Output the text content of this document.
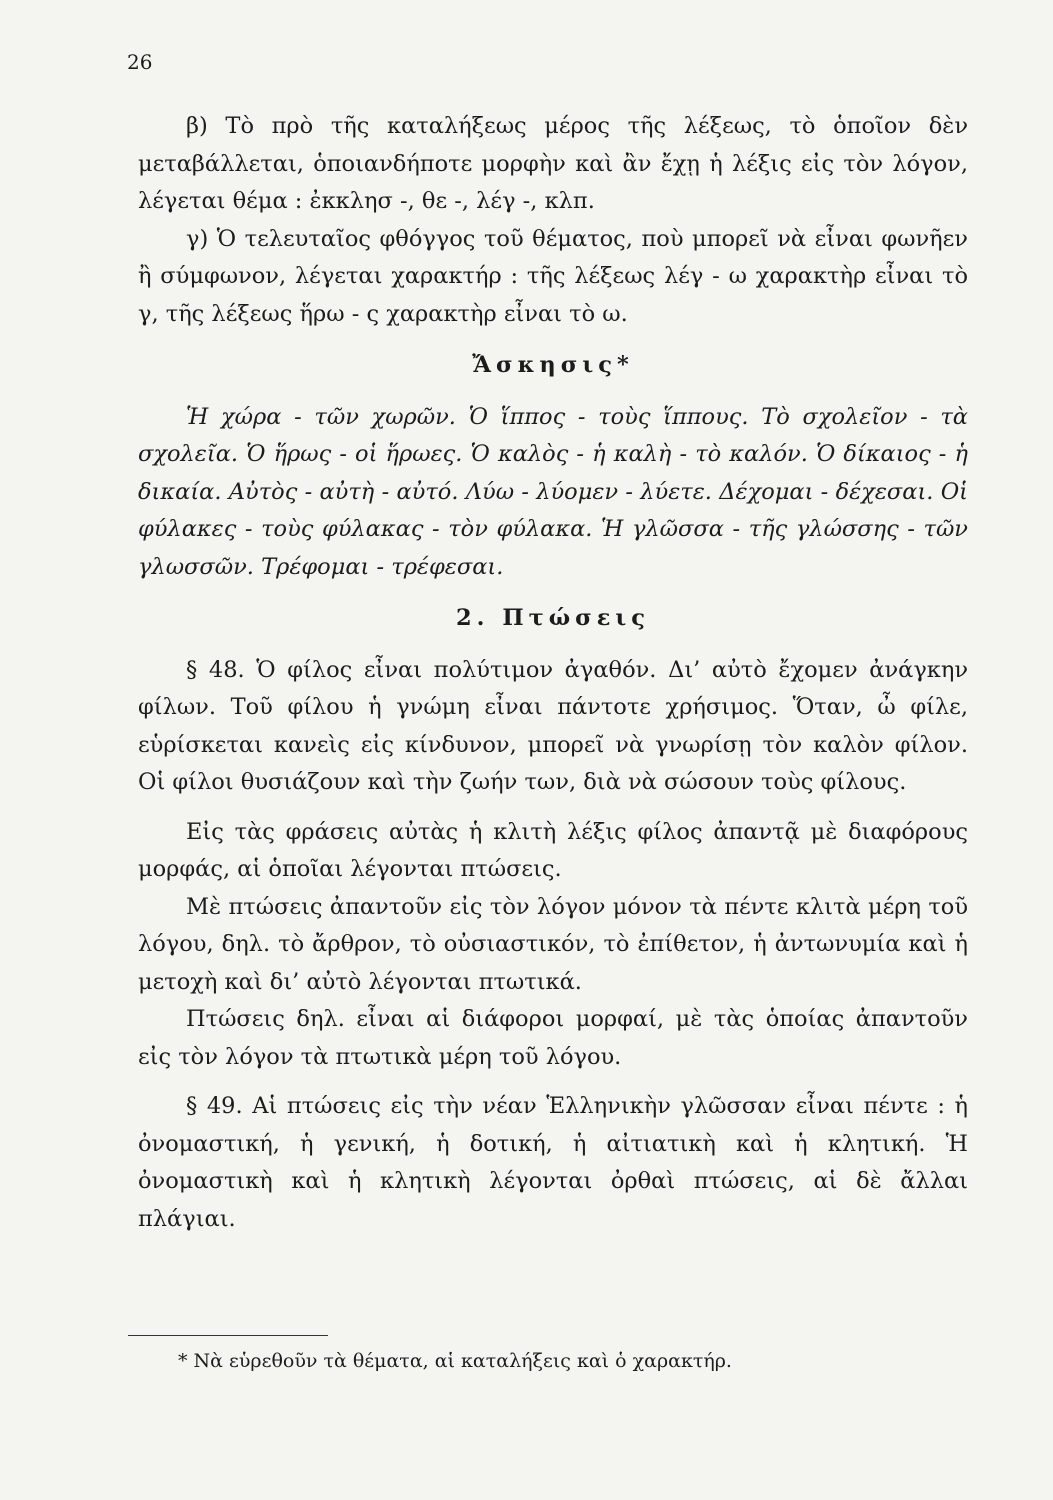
26

β) Τὸ πρὸ τῆς καταλήξεως μέρος τῆς λέξεως, τὸ ὁποῖον δὲν μεταβάλλεται, ὁποιανδήποτε μορφὴν καὶ ἂν ἔχῃ ἡ λέξις εἰς τὸν λόγον, λέγεται θέμα : ἐκκλησ -, θε -, λέγ -, κλπ.

γ) Ὁ τελευταῖος φθόγγος τοῦ θέματος, ποὺ μπορεῖ νὰ εἶναι φωνῆεν ἢ σύμφωνον, λέγεται χαρακτήρ : τῆς λέξεως λέγ - ω χαρακτὴρ εἶναι τὸ γ, τῆς λέξεως ἥρω - ς χαρακτὴρ εἶναι τὸ ω.

Ἄσκησις*

Ἡ χώρα - τῶν χωρῶν. Ὁ ἵππος - τοὺς ἵππους. Τὸ σχολεῖον - τὰ σχολεῖα. Ὁ ἥρως - οἱ ἥρωες. Ὁ καλὸς - ἡ καλὴ - τὸ καλόν. Ὁ δίκαιος - ἡ δικαία. Αὐτὸς - αὐτὴ - αὐτό. Λύω - λύομεν - λύετε. Δέχομαι - δέχεσαι. Οἱ φύλακες - τοὺς φύλακας - τὸν φύλακα. Ἡ γλῶσσα - τῆς γλώσσης - τῶν γλωσσῶν. Τρέφομαι - τρέφεσαι.

2. Πτώσεις

§ 48. Ὁ φίλος εἶναι πολύτιμον ἀγαθόν. Δι’ αὐτὸ ἔχομεν ἀνάγκην φίλων. Τοῦ φίλου ἡ γνώμη εἶναι πάντοτε χρήσιμος. Ὅταν, ὦ φίλε, εὑρίσκεται κανεὶς εἰς κίνδυνον, μπορεῖ νὰ γνωρίσῃ τὸν καλὸν φίλον. Οἱ φίλοι θυσιάζουν καὶ τὴν ζωήν των, διὰ νὰ σώσουν τοὺς φίλους.

Εἰς τὰς φράσεις αὐτὰς ἡ κλιτὴ λέξις φίλος ἀπαντᾷ μὲ διαφόρους μορφάς, αἱ ὁποῖαι λέγονται πτώσεις.

Μὲ πτώσεις ἀπαντοῦν εἰς τὸν λόγον μόνον τὰ πέντε κλιτὰ μέρη τοῦ λόγου, δηλ. τὸ ἄρθρον, τὸ οὐσιαστικόν, τὸ ἐπίθετον, ἡ ἀντωνυμία καὶ ἡ μετοχὴ καὶ δι’ αὐτὸ λέγονται πτωτικά.

Πτώσεις δηλ. εἶναι αἱ διάφοροι μορφαί, μὲ τὰς ὁποίας ἀπαντοῦν εἰς τὸν λόγον τὰ πτωτικὰ μέρη τοῦ λόγου.

§ 49. Αἱ πτώσεις εἰς τὴν νέαν Ἑλληνικὴν γλῶσσαν εἶναι πέντε : ἡ ὀνομαστική, ἡ γενική, ἡ δοτική, ἡ αἰτιατικὴ καὶ ἡ κλητική. Ἡ ὀνομαστικὴ καὶ ἡ κλητικὴ λέγονται ὀρθαὶ πτώσεις, αἱ δὲ ἄλλαι πλάγιαι.

* Νὰ εὑρεθοῦν τὰ θέματα, αἱ καταλήξεις καὶ ὁ χαρακτήρ.
